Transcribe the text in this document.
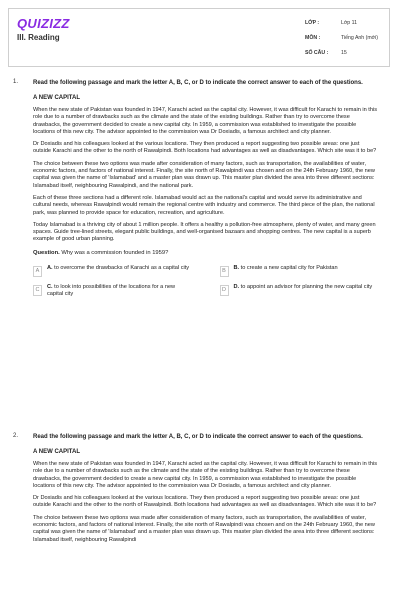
QUIZIZZ
III. Reading
LỚP :	Lớp 11
MÔN :	Tiếng Anh (mới)
SỐ CÂU :	15
1. Read the following passage and mark the letter A, B, C, or D to indicate the correct answer to each of the questions.

A NEW CAPITAL

When the new state of Pakistan was founded in 1947, Karachi acted as the capital city. However, it was difficult for Karachi to remain in this role due to a number of drawbacks such as the climate and the state of the existing buildings. Rather than try to overcome these drawbacks, the government decided to create a new capital city. In 1959, a commission was established to investigate the possible locations of this new city. The advisor appointed to the commission was Dr Doxiadis, a famous architect and city planner.

Dr Doxiadis and his colleagues looked at the various locations. They then produced a report suggesting two possible areas: one just outside Karachi and the other to the north of Rawalpindi. Both locations had advantages as well as disadvantages. Which site was it to be?

The choice between these two options was made after consideration of many factors, such as transportation, the availabilities of water, economic factors, and factors of national interest. Finally, the site north of Rawalpindi was chosen and on the 24th February 1960, the new capital was given the name of 'Islamabad' and a master plan was drawn up. This master plan divided the area into three different sections: Islamabad itself, neighbouring Rawalpindi, and the national park.

Each of these three sections had a different role. Islamabad would act as the national's capital and would serve its administrative and cultural needs, whereas Rawalpindi would remain the regional centre with industry and commerce. The third piece of the plan, the national park, was planned to provide space for education, recreation, and agriculture.

Today Islamabad is a thriving city of about 1 million people. It offers a healthy a pollution-free atmosphere, plenty of water, and many green spaces. Guide tree-lined streets, elegant public buildings, and well-organised bazaars and shopping centres. The new capital is a superb example of good urban planning.

Question. Why was a commission founded in 1959?

A
A. to overcome the drawbacks of Karachi as a capital city
B
B. to create a new capital city for Pakistan
C
C. to look into possibilities of the locations for a new capital city
D
D. to appoint an advisor for planning the new capital city
2. Read the following passage and mark the letter A, B, C, or D to indicate the correct answer to each of the questions.

A NEW CAPITAL

When the new state of Pakistan was founded in 1947, Karachi acted as the capital city. However, it was difficult for Karachi to remain in this role due to a number of drawbacks such as the climate and the state of the existing buildings. Rather than try to overcome these drawbacks, the government decided to create a new capital city. In 1959, a commission was established to investigate the possible locations of this new city. The advisor appointed to the commission was Dr Doxiadis, a famous architect and city planner.

Dr Doxiadis and his colleagues looked at the various locations. They then produced a report suggesting two possible areas: one just outside Karachi and the other to the north of Rawalpindi. Both locations had advantages as well as disadvantages. Which site was it to be?

The choice between these two options was made after consideration of many factors, such as transportation, the availabilities of water, economic factors, and factors of national interest. Finally, the site north of Rawalpindi was chosen and on the 24th February 1960, the new capital was given the name of 'Islamabad' and a master plan was drawn up. This master plan divided the area into three different sections: Islamabad itself, neighbouring Rawalpindi
